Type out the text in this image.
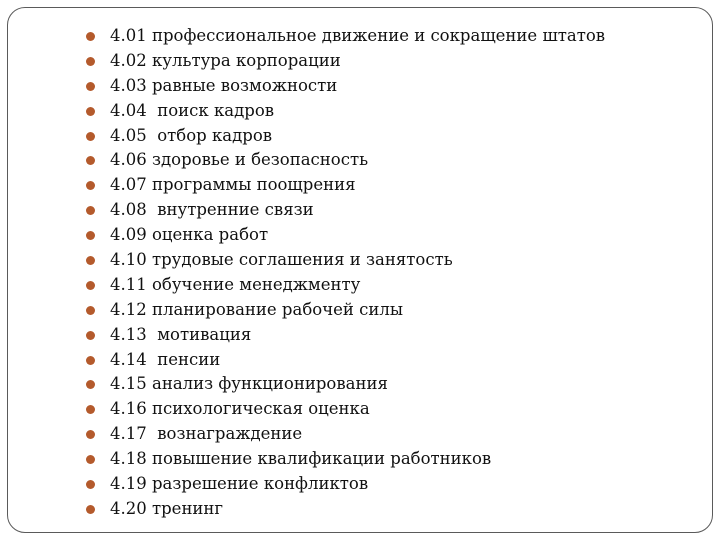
4.01 профессиональное движение и сокращение штатов
4.02 культура корпорации
4.03 равные возможности
4.04  поиск кадров
4.05  отбор кадров
4.06 здоровье и безопасность
4.07 программы поощрения
4.08  внутренние связи
4.09 оценка работ
4.10 трудовые соглашения и занятость
4.11 обучение менеджменту
4.12 планирование рабочей силы
4.13  мотивация
4.14  пенсии
4.15 анализ функционирования
4.16 психологическая оценка
4.17  вознаграждение
4.18 повышение квалификации работников
4.19 разрешение конфликтов
4.20 тренинг
